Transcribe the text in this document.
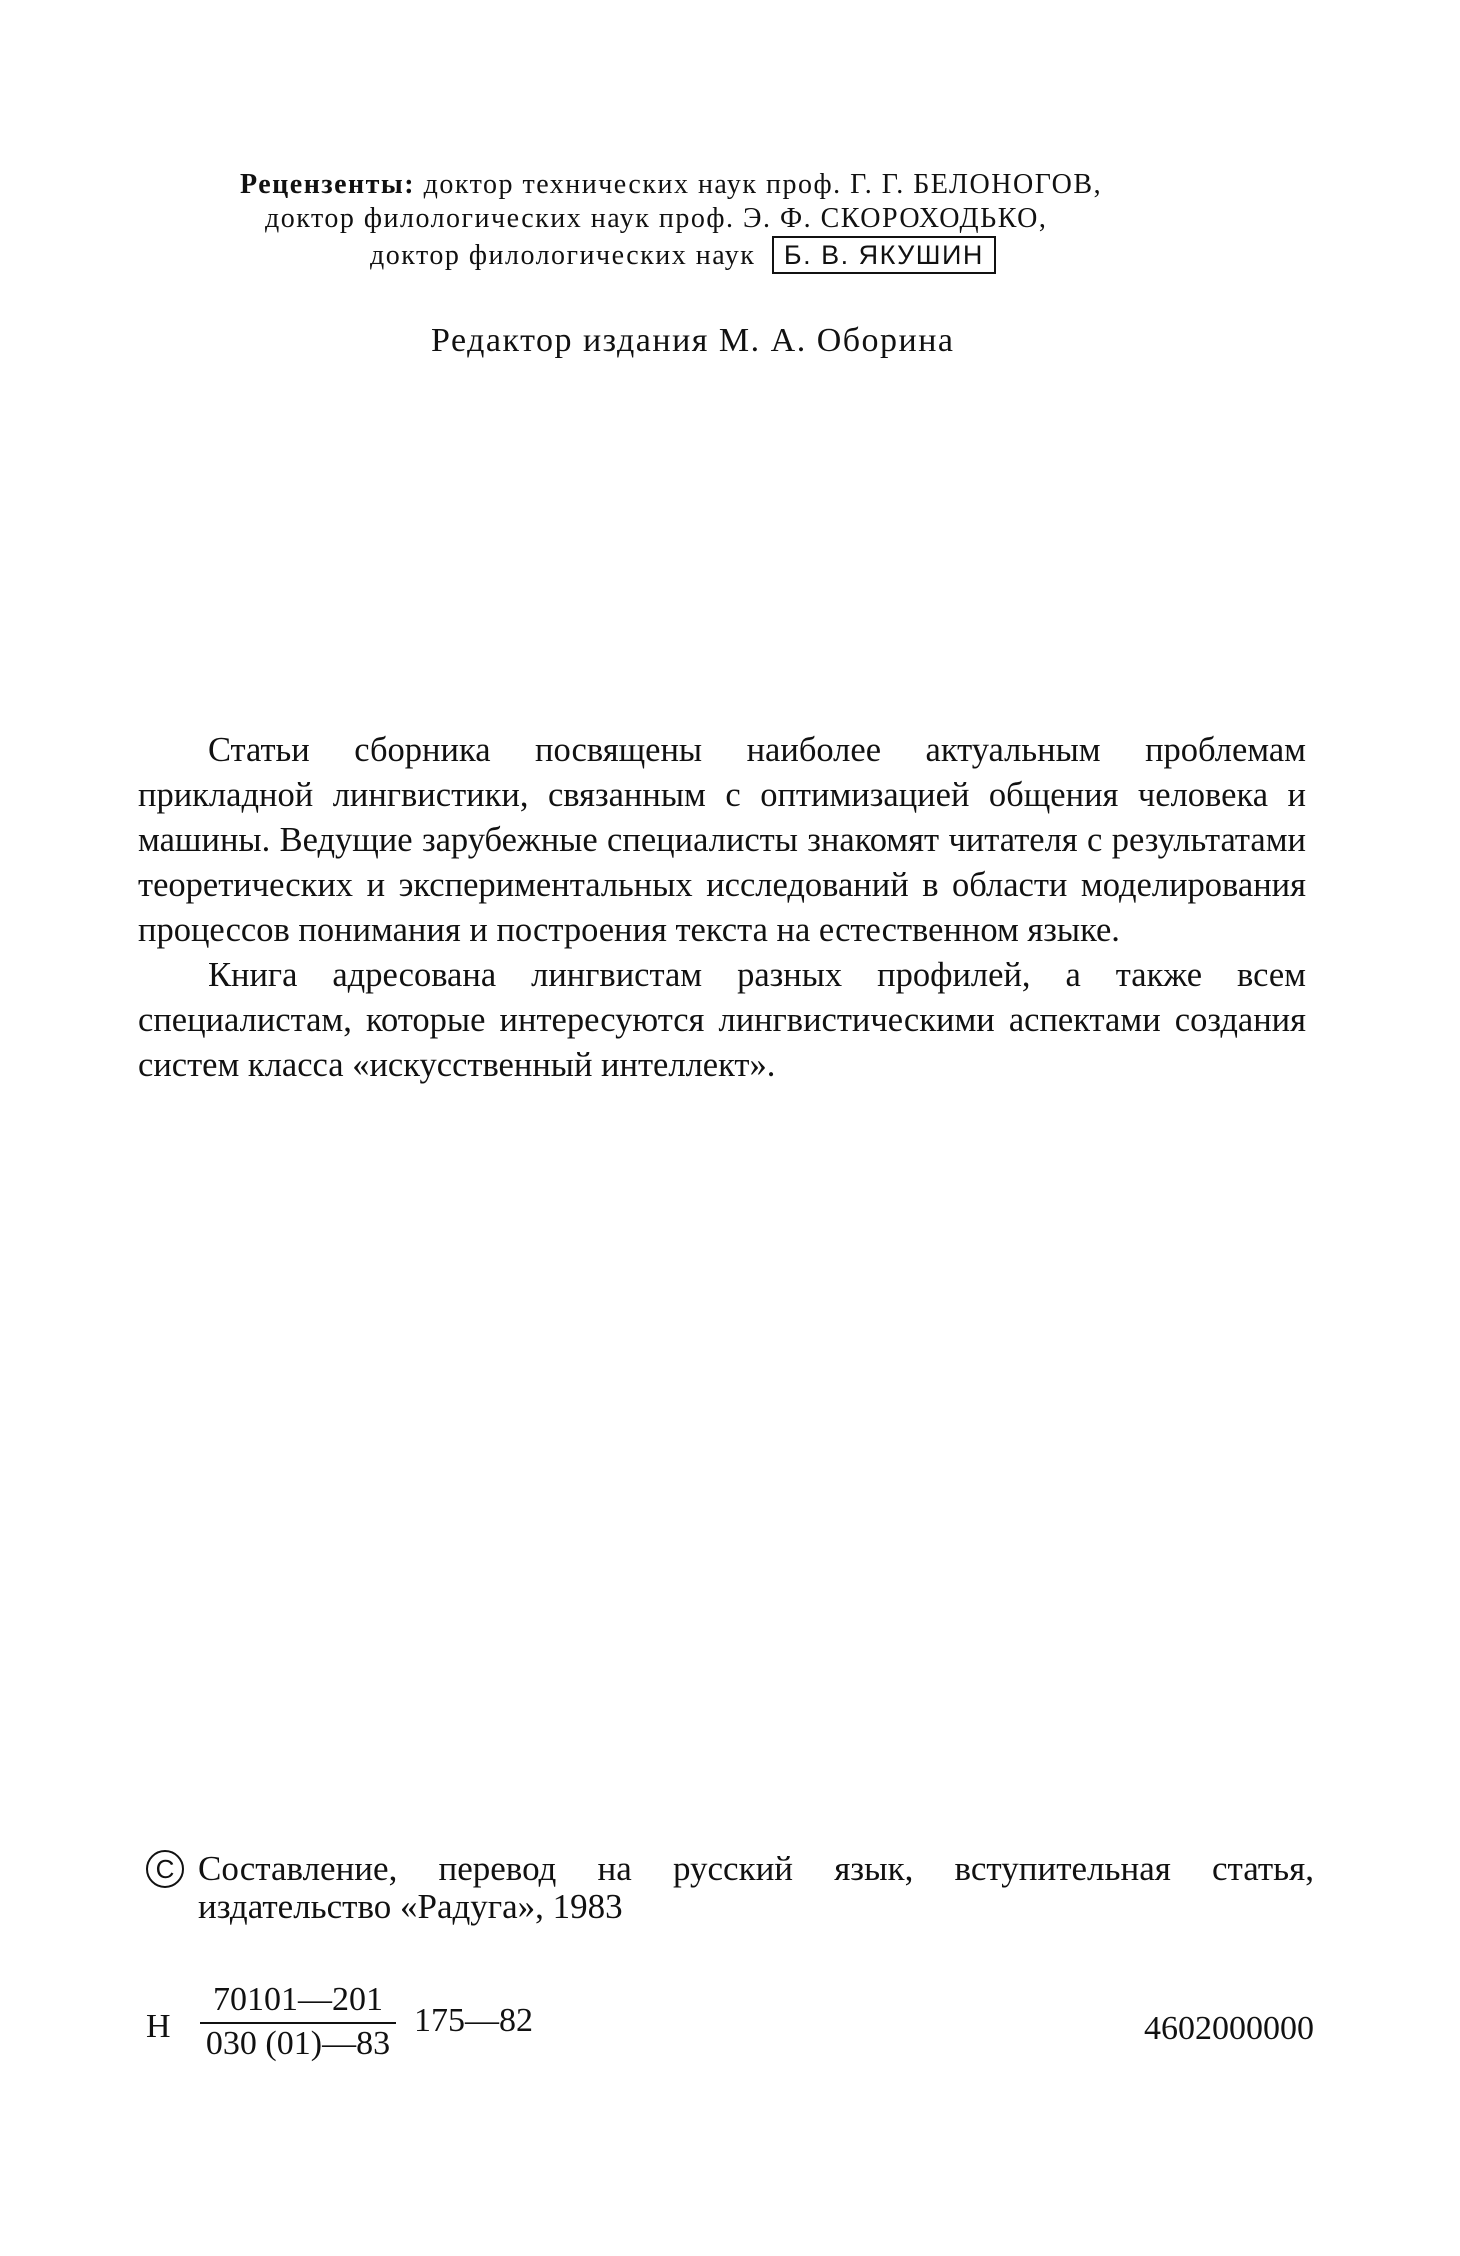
Рецензенты: доктор технических наук проф. Г. Г. БЕЛОНОГОВ,
доктор филологических наук проф. Э. Ф. СКОРОХОДЬКО,
доктор филологических наук Б. В. ЯКУШИН
Редактор издания М. А. Оборина

Статьи сборника посвящены наиболее актуальным проблемам прикладной лингвистики, связанным с оптимизацией общения человека и машины. Ведущие зарубежные специалисты знакомят читателя с результатами теоретических и экспериментальных исследований в области моделирования процессов понимания и построения текста на естественном языке.

Книга адресована лингвистам разных профилей, а также всем специалистам, которые интересуются лингвистическими аспектами создания систем класса «искусственный интеллект».

C Составление, перевод на русский язык, вступительная статья, издательство «Радуга», 1983
Н $\frac{70101—201}{030 (01)—83}$ 175—82	4602000000
